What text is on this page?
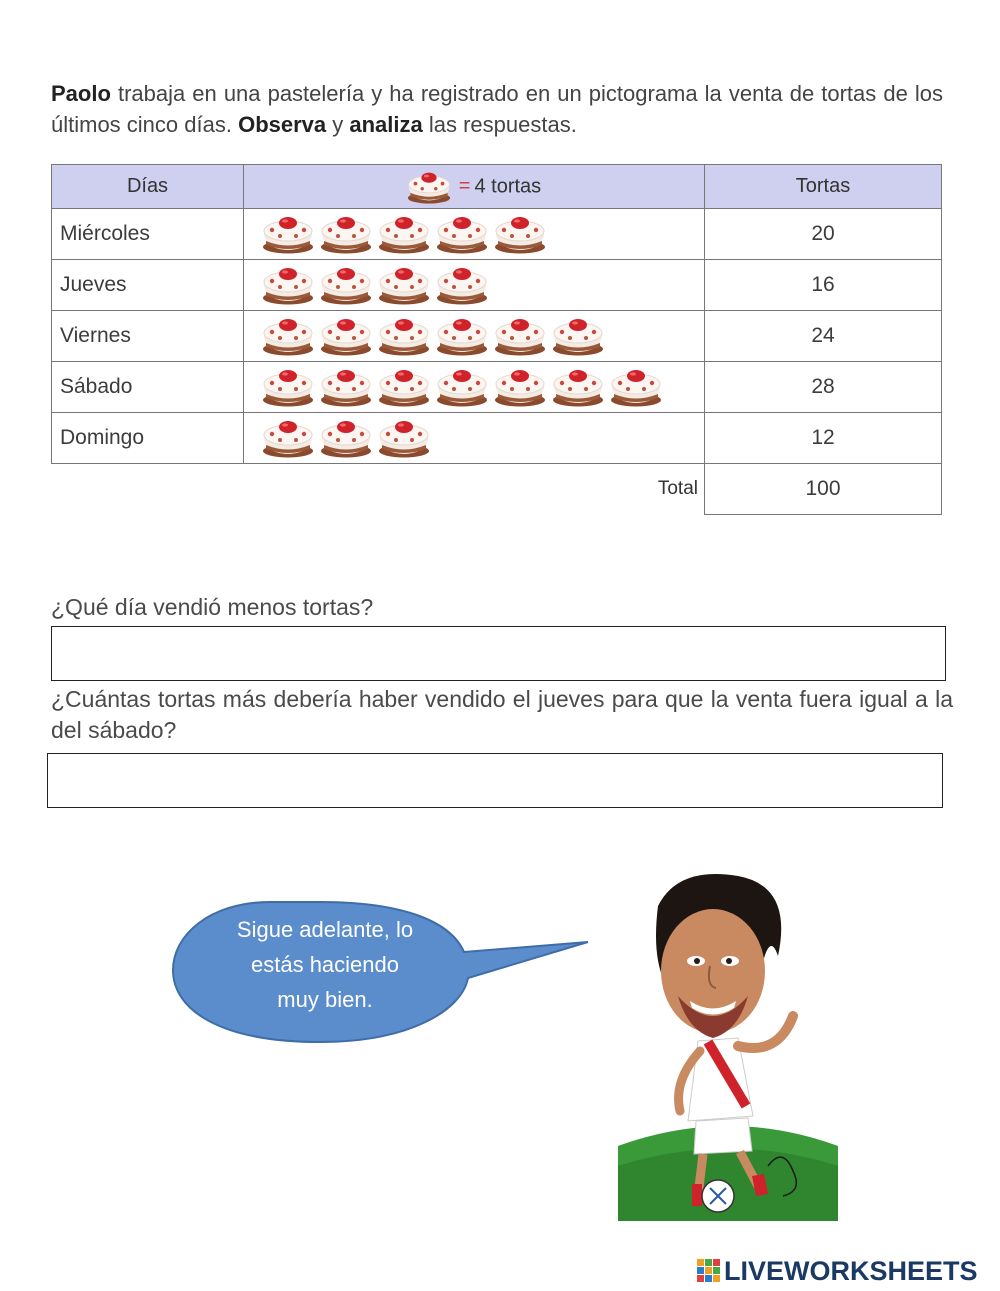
Paolo trabaja en una pastelería y ha registrado en un pictograma la venta de tortas de los últimos cinco días. Observa y analiza las respuestas.
Días	= 4 tortas	Tortas
Miércoles		20
Jueves		16
Viernes		24
Sábado		28
Domingo		12
	Total	100
¿Qué día vendió menos tortas?
¿Cuántas tortas más debería haber vendido el jueves para que la venta fuera igual a la del sábado?
Sigue adelante, lo
estás haciendo
muy bien.
LIVEWORKSHEETS
